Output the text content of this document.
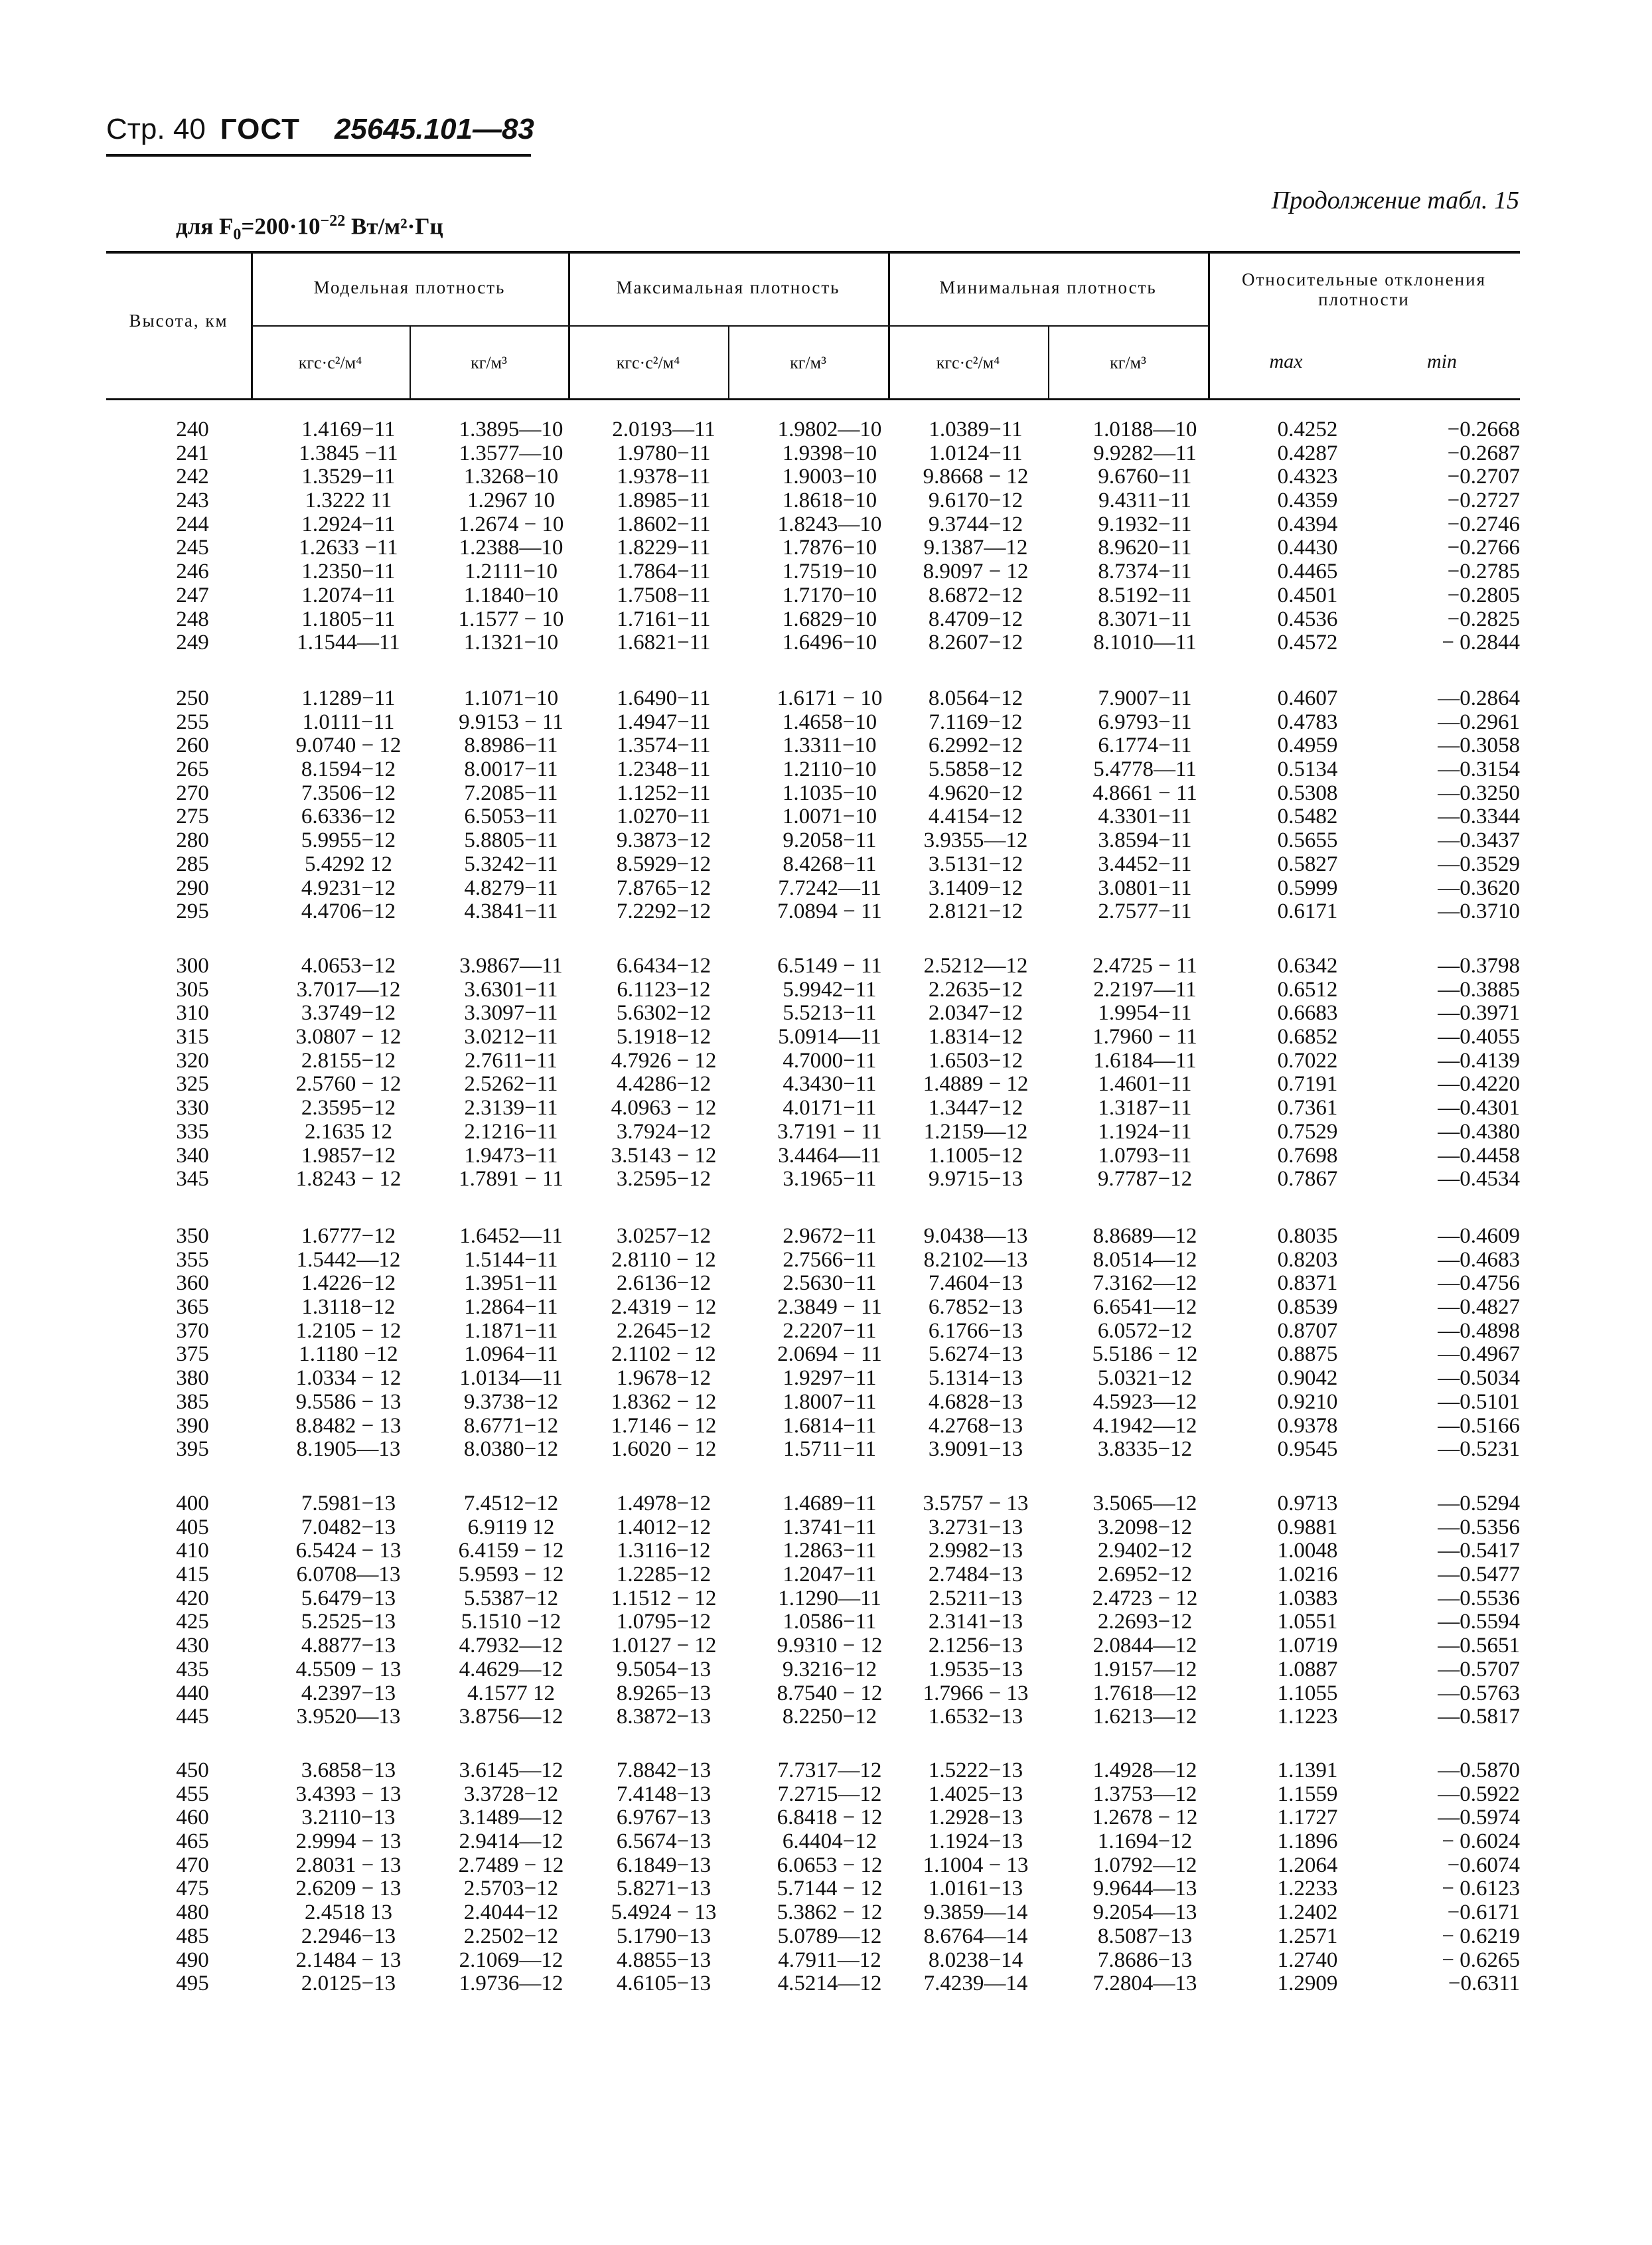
Стр. 40 ГОСТ 25645.101—83
Продолжение табл. 15
для $F_0=200\cdot 10^{-22}$ Вт/м²·Гц
Высота, км
Модельная плотность	Максимальная плотность	Минимальная плотность	Относительные отклонения плотности
кгс·с²/м⁴	кг/м³	кгс·с²/м⁴	кг/м³	кгс·с²/м⁴	кг/м³	max	min
240	1.4169−11	1.3895—10	2.0193—11	1.9802—10	1.0389−11	1.0188—10	0.4252	−0.2668
241	1.3845 −11	1.3577—10	1.9780−11	1.9398−10	1.0124−11	9.9282—11	0.4287	−0.2687
242	1.3529−11	1.3268−10	1.9378−11	1.9003−10	9.8668 − 12	9.6760−11	0.4323	−0.2707
243	1.3222 11	1.2967 10	1.8985−11	1.8618−10	9.6170−12	9.4311−11	0.4359	−0.2727
244	1.2924−11	1.2674 − 10	1.8602−11	1.8243—10	9.3744−12	9.1932−11	0.4394	−0.2746
245	1.2633 −11	1.2388—10	1.8229−11	1.7876−10	9.1387—12	8.9620−11	0.4430	−0.2766
246	1.2350−11	1.2111−10	1.7864−11	1.7519−10	8.9097 − 12	8.7374−11	0.4465	−0.2785
247	1.2074−11	1.1840−10	1.7508−11	1.7170−10	8.6872−12	8.5192−11	0.4501	−0.2805
248	1.1805−11	1.1577 − 10	1.7161−11	1.6829−10	8.4709−12	8.3071−11	0.4536	−0.2825
249	1.1544—11	1.1321−10	1.6821−11	1.6496−10	8.2607−12	8.1010—11	0.4572	− 0.2844
250	1.1289−11	1.1071−10	1.6490−11	1.6171 − 10	8.0564−12	7.9007−11	0.4607	—0.2864
255	1.0111−11	9.9153 − 11	1.4947−11	1.4658−10	7.1169−12	6.9793−11	0.4783	—0.2961
260	9.0740 − 12	8.8986−11	1.3574−11	1.3311−10	6.2992−12	6.1774−11	0.4959	—0.3058
265	8.1594−12	8.0017−11	1.2348−11	1.2110−10	5.5858−12	5.4778—11	0.5134	—0.3154
270	7.3506−12	7.2085−11	1.1252−11	1.1035−10	4.9620−12	4.8661 − 11	0.5308	—0.3250
275	6.6336−12	6.5053−11	1.0270−11	1.0071−10	4.4154−12	4.3301−11	0.5482	—0.3344
280	5.9955−12	5.8805−11	9.3873−12	9.2058−11	3.9355—12	3.8594−11	0.5655	—0.3437
285	5.4292 12	5.3242−11	8.5929−12	8.4268−11	3.5131−12	3.4452−11	0.5827	—0.3529
290	4.9231−12	4.8279−11	7.8765−12	7.7242—11	3.1409−12	3.0801−11	0.5999	—0.3620
295	4.4706−12	4.3841−11	7.2292−12	7.0894 − 11	2.8121−12	2.7577−11	0.6171	—0.3710
300	4.0653−12	3.9867—11	6.6434−12	6.5149 − 11	2.5212—12	2.4725 − 11	0.6342	—0.3798
305	3.7017—12	3.6301−11	6.1123−12	5.9942−11	2.2635−12	2.2197—11	0.6512	—0.3885
310	3.3749−12	3.3097−11	5.6302−12	5.5213−11	2.0347−12	1.9954−11	0.6683	—0.3971
315	3.0807 − 12	3.0212−11	5.1918−12	5.0914—11	1.8314−12	1.7960 − 11	0.6852	—0.4055
320	2.8155−12	2.7611−11	4.7926 − 12	4.7000−11	1.6503−12	1.6184—11	0.7022	—0.4139
325	2.5760 − 12	2.5262−11	4.4286−12	4.3430−11	1.4889 − 12	1.4601−11	0.7191	—0.4220
330	2.3595−12	2.3139−11	4.0963 − 12	4.0171−11	1.3447−12	1.3187−11	0.7361	—0.4301
335	2.1635 12	2.1216−11	3.7924−12	3.7191 − 11	1.2159—12	1.1924−11	0.7529	—0.4380
340	1.9857−12	1.9473−11	3.5143 − 12	3.4464—11	1.1005−12	1.0793−11	0.7698	—0.4458
345	1.8243 − 12	1.7891 − 11	3.2595−12	3.1965−11	9.9715−13	9.7787−12	0.7867	—0.4534
350	1.6777−12	1.6452—11	3.0257−12	2.9672−11	9.0438—13	8.8689—12	0.8035	—0.4609
355	1.5442—12	1.5144−11	2.8110 − 12	2.7566−11	8.2102—13	8.0514—12	0.8203	—0.4683
360	1.4226−12	1.3951−11	2.6136−12	2.5630−11	7.4604−13	7.3162—12	0.8371	—0.4756
365	1.3118−12	1.2864−11	2.4319 − 12	2.3849 − 11	6.7852−13	6.6541—12	0.8539	—0.4827
370	1.2105 − 12	1.1871−11	2.2645−12	2.2207−11	6.1766−13	6.0572−12	0.8707	—0.4898
375	1.1180 −12	1.0964−11	2.1102 − 12	2.0694 − 11	5.6274−13	5.5186 − 12	0.8875	—0.4967
380	1.0334 − 12	1.0134—11	1.9678−12	1.9297−11	5.1314−13	5.0321−12	0.9042	—0.5034
385	9.5586 − 13	9.3738−12	1.8362 − 12	1.8007−11	4.6828−13	4.5923—12	0.9210	—0.5101
390	8.8482 − 13	8.6771−12	1.7146 − 12	1.6814−11	4.2768−13	4.1942—12	0.9378	—0.5166
395	8.1905—13	8.0380−12	1.6020 − 12	1.5711−11	3.9091−13	3.8335−12	0.9545	—0.5231
400	7.5981−13	7.4512−12	1.4978−12	1.4689−11	3.5757 − 13	3.5065—12	0.9713	—0.5294
405	7.0482−13	6.9119 12	1.4012−12	1.3741−11	3.2731−13	3.2098−12	0.9881	—0.5356
410	6.5424 − 13	6.4159 − 12	1.3116−12	1.2863−11	2.9982−13	2.9402−12	1.0048	—0.5417
415	6.0708—13	5.9593 − 12	1.2285−12	1.2047−11	2.7484−13	2.6952−12	1.0216	—0.5477
420	5.6479−13	5.5387−12	1.1512 − 12	1.1290—11	2.5211−13	2.4723 − 12	1.0383	—0.5536
425	5.2525−13	5.1510 −12	1.0795−12	1.0586−11	2.3141−13	2.2693−12	1.0551	—0.5594
430	4.8877−13	4.7932—12	1.0127 − 12	9.9310 − 12	2.1256−13	2.0844—12	1.0719	—0.5651
435	4.5509 − 13	4.4629—12	9.5054−13	9.3216−12	1.9535−13	1.9157—12	1.0887	—0.5707
440	4.2397−13	4.1577 12	8.9265−13	8.7540 − 12	1.7966 − 13	1.7618—12	1.1055	—0.5763
445	3.9520—13	3.8756—12	8.3872−13	8.2250−12	1.6532−13	1.6213—12	1.1223	—0.5817
450	3.6858−13	3.6145—12	7.8842−13	7.7317—12	1.5222−13	1.4928—12	1.1391	—0.5870
455	3.4393 − 13	3.3728−12	7.4148−13	7.2715—12	1.4025−13	1.3753—12	1.1559	—0.5922
460	3.2110−13	3.1489—12	6.9767−13	6.8418 − 12	1.2928−13	1.2678 − 12	1.1727	—0.5974
465	2.9994 − 13	2.9414—12	6.5674−13	6.4404−12	1.1924−13	1.1694−12	1.1896	− 0.6024
470	2.8031 − 13	2.7489 − 12	6.1849−13	6.0653 − 12	1.1004 − 13	1.0792—12	1.2064	−0.6074
475	2.6209 − 13	2.5703−12	5.8271−13	5.7144 − 12	1.0161−13	9.9644—13	1.2233	− 0.6123
480	2.4518 13	2.4044−12	5.4924 − 13	5.3862 − 12	9.3859—14	9.2054—13	1.2402	−0.6171
485	2.2946−13	2.2502−12	5.1790−13	5.0789—12	8.6764—14	8.5087−13	1.2571	− 0.6219
490	2.1484 − 13	2.1069—12	4.8855−13	4.7911—12	8.0238−14	7.8686−13	1.2740	− 0.6265
495	2.0125−13	1.9736—12	4.6105−13	4.5214—12	7.4239—14	7.2804—13	1.2909	−0.6311
